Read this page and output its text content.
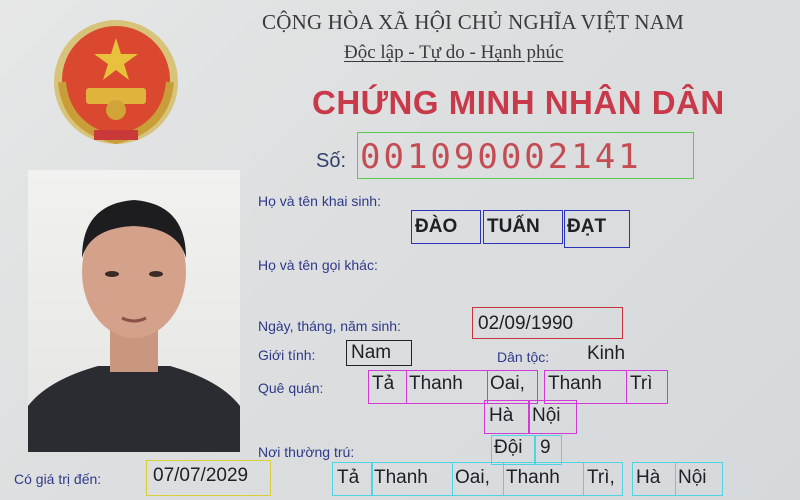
CỘNG HÒA XÃ HỘI CHỦ NGHĨA VIỆT NAM
Độc lập - Tự do - Hạnh phúc
CHỨNG MINH NHÂN DÂN
Số: 001090002141
Họ và tên khai sinh:
ĐÀO TUẤN ĐẠT
Họ và tên gọi khác:
Ngày, tháng, năm sinh:	02/09/1990
Giới tính: Nam	Dân tộc: Kinh
Quê quán:	Tả Thanh Oai, Thanh Trì
Hà Nội
Nơi thường trú:	Đội 9
Tả Thanh Oai, Thanh Trì, Hà Nội
Có giá trị đến:	07/07/2029
